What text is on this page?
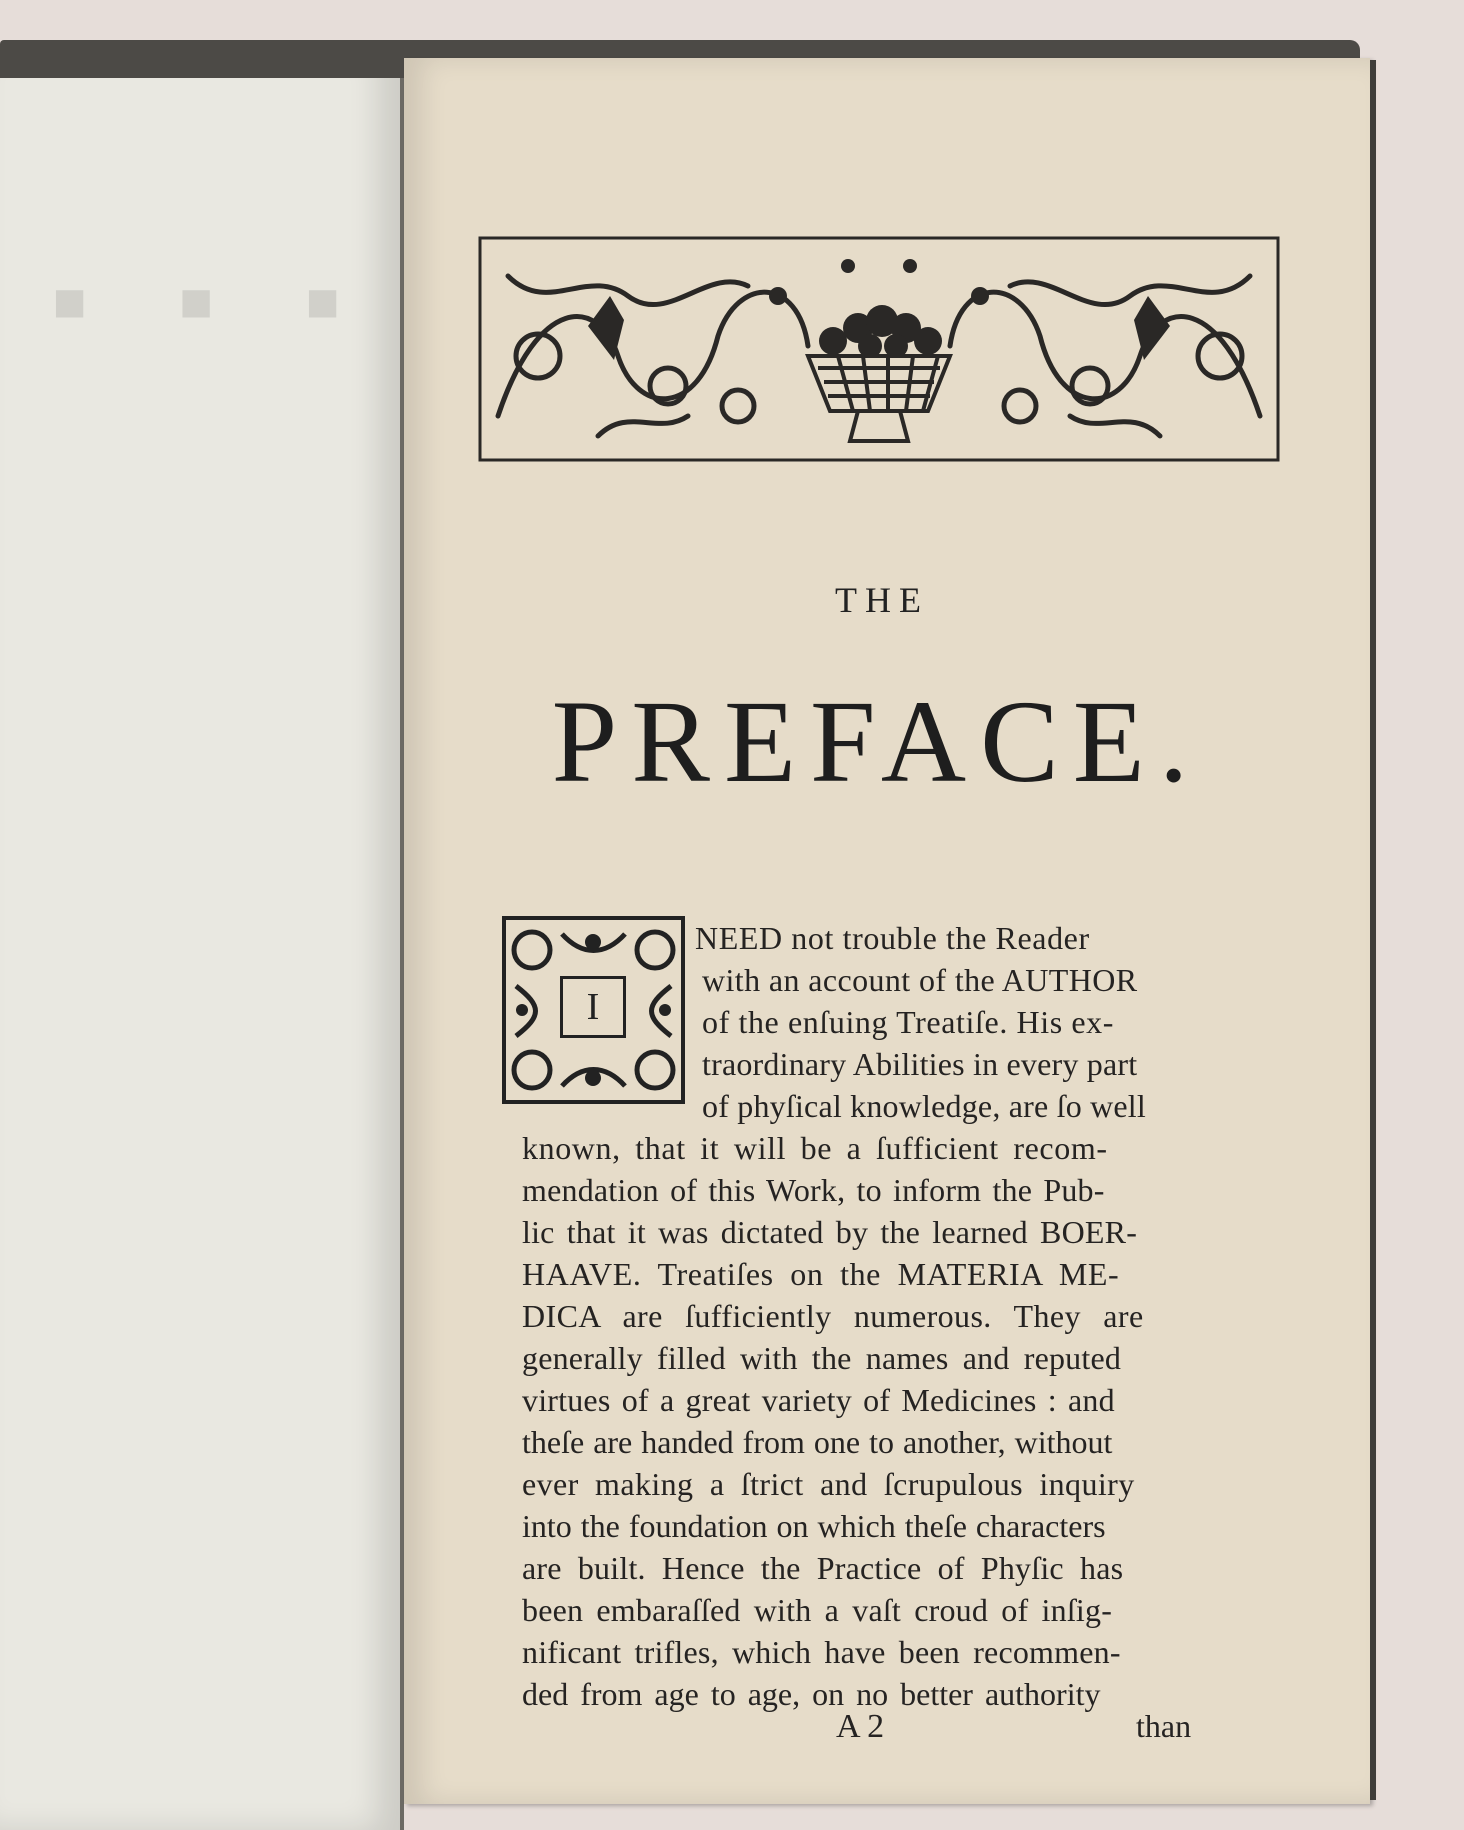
▪ ▪ ▪
THE
PREFACE.
I
NEED not trouble the Reader
with an account of the AUTHOR
of the enſuing Treatiſe. His ex-
traordinary Abilities in every part
of phyſical knowledge, are ſo well
known, that it will be a ſufficient recom-
mendation of this Work, to inform the Pub-
lic that it was dictated by the learned BOER-
HAAVE. Treatiſes on the MATERIA ME-
DICA are ſufficiently numerous. They are
generally filled with the names and reputed
virtues of a great variety of Medicines : and
theſe are handed from one to another, without
ever making a ſtrict and ſcrupulous inquiry
into the foundation on which theſe characters
are built. Hence the Practice of Phyſic has
been embaraſſed with a vaſt croud of inſig-
nificant trifles, which have been recommen-
ded from age to age, on no better authority
A 2	than
